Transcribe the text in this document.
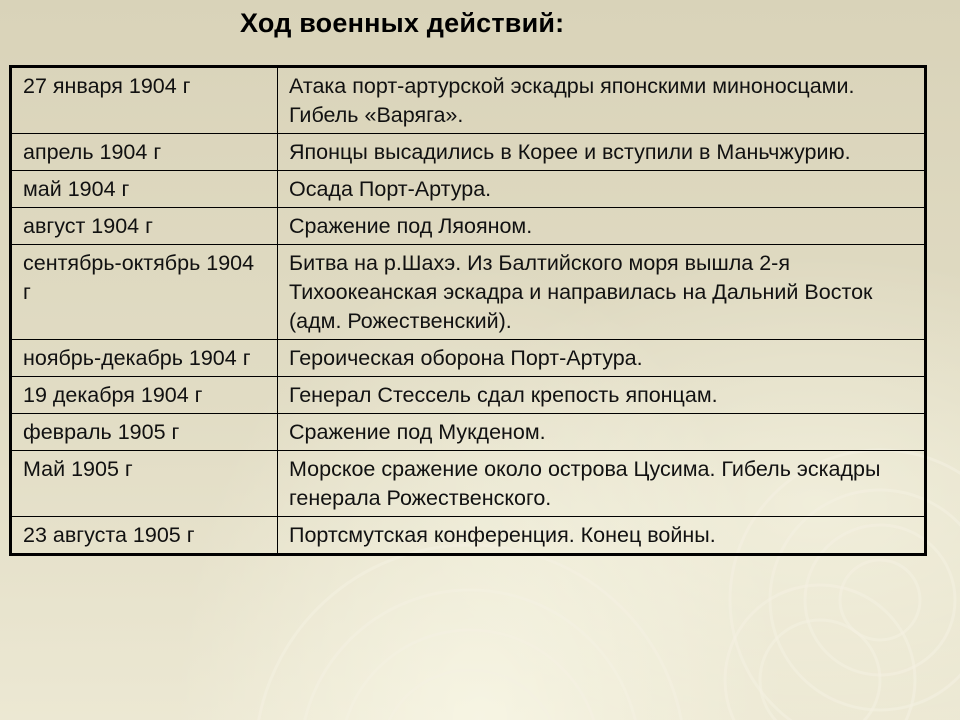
Ход военных действий:
27 января 1904 г	Атака порт-артурской эскадры японскими миноносцами. Гибель «Варяга».
апрель 1904 г	Японцы высадились в Корее и вступили в Маньчжурию.
май 1904 г	Осада Порт-Артура.
август 1904 г	Сражение под Ляояном.
сентябрь-октябрь 1904 г	Битва на р.Шахэ. Из Балтийского моря вышла 2-я Тихоокеанская эскадра и направилась на Дальний Восток (адм. Рожественский).
ноябрь-декабрь 1904 г	Героическая оборона Порт-Артура.
19 декабря 1904 г	Генерал Стессель сдал крепость японцам.
февраль 1905 г	Сражение под Мукденом.
Май 1905 г	Морское сражение около острова Цусима. Гибель эскадры генерала Рожественского.
23 августа 1905 г	Портсмутская конференция. Конец войны.
